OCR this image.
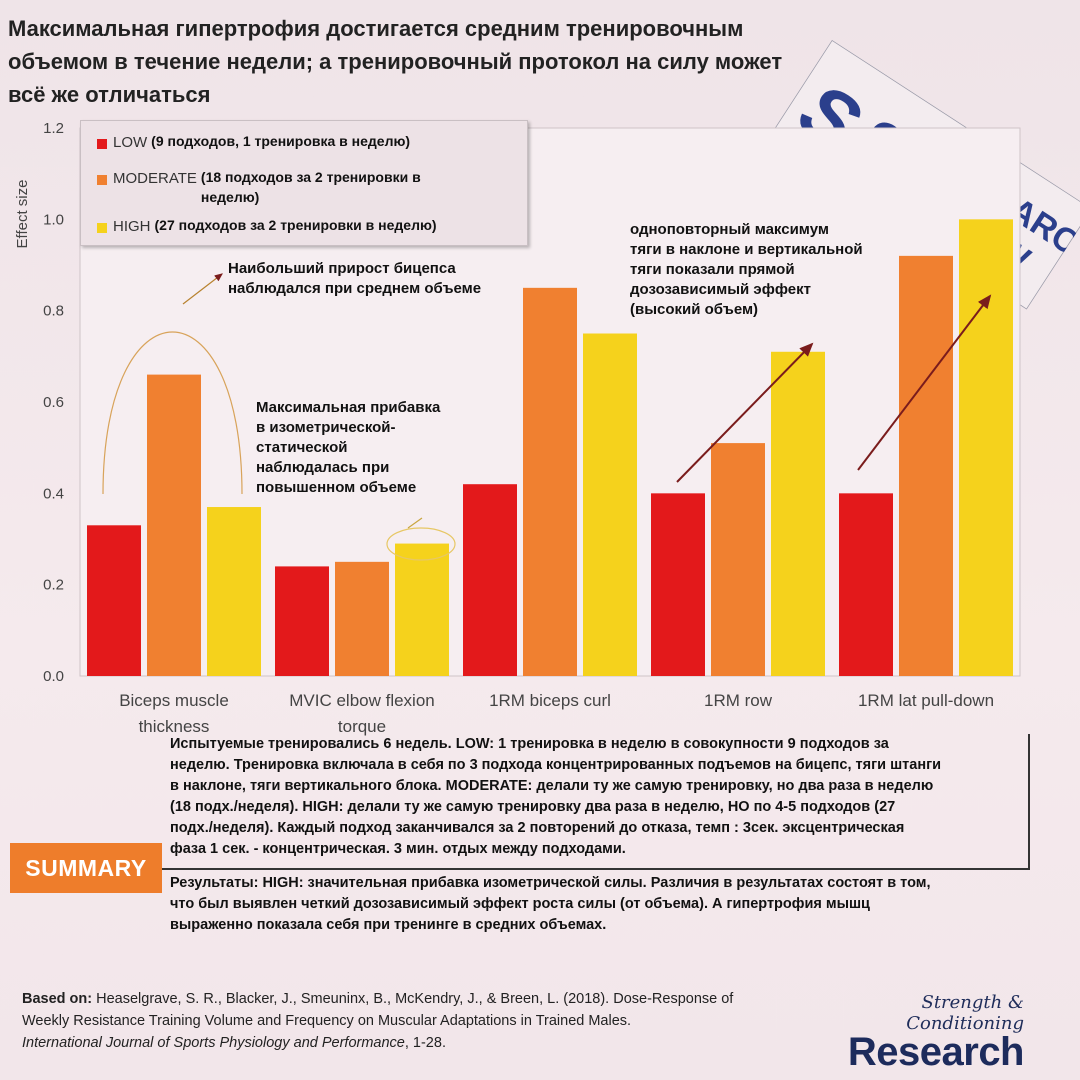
Максимальная гипертрофия достигается средним тренировочным объемом в течение недели; а тренировочный протокол на силу может всё же отличаться
0.0
0.2
0.4
0.6
0.8
1.0
1.2
Biceps muscle thickness
MVIC elbow flexion torque
1RM biceps curl	1RM row	1RM lat pull-down
Effect size
LOW (9 подходов, 1 тренировка в неделю)
MODERATE (18 подходов за 2 тренировки в неделю)
HIGH (27 подходов за 2 тренировки в неделю)
Наибольший прирост бицепса
наблюдался при среднем объеме
Максимальная прибавка
в изометрической-
статической
наблюдалась при
повышенном объеме
одноповторный максимум
тяги в наклоне и вертикальной
тяги показали прямой
дозозависимый эффект
(высокий объем)
Испытуемые тренировались 6 недель. LOW: 1 тренировка в неделю в совокупности 9 подходов за
неделю. Тренировка включала в себя по 3 подхода концентрированных подъемов на бицепс, тяги штанги
в наклоне, тяги вертикального блока. MODERATE: делали ту же самую тренировку, но два раза в неделю
(18 подх./неделя). HIGH: делали ту же самую тренировку два раза в неделю, НО по 4-5 подходов (27
подх./неделя). Каждый подход заканчивался за 2 повторений до отказа, темп : 3сек. эксцентрическая
фаза 1 сек. - концентрическая. 3 мин. отдых между подходами.
SUMMARY
Результаты: HIGH: значительная прибавка изометрической силы. Различия в результатах состоят в том,
что был выявлен четкий дозозависимый эффект роста силы (от объема). А гипертрофия мышц
выраженно показала себя при тренинге в средних объемах.
Based on: Heaselgrave, S. R., Blacker, J., Smeuninx, B., McKendry, J., & Breen, L. (2018). Dose-Response of
Weekly Resistance Training Volume and Frequency on Muscular Adaptations in Trained Males.
International Journal of Sports Physiology and Performance, 1-28.
Strength & Conditioning
Research
